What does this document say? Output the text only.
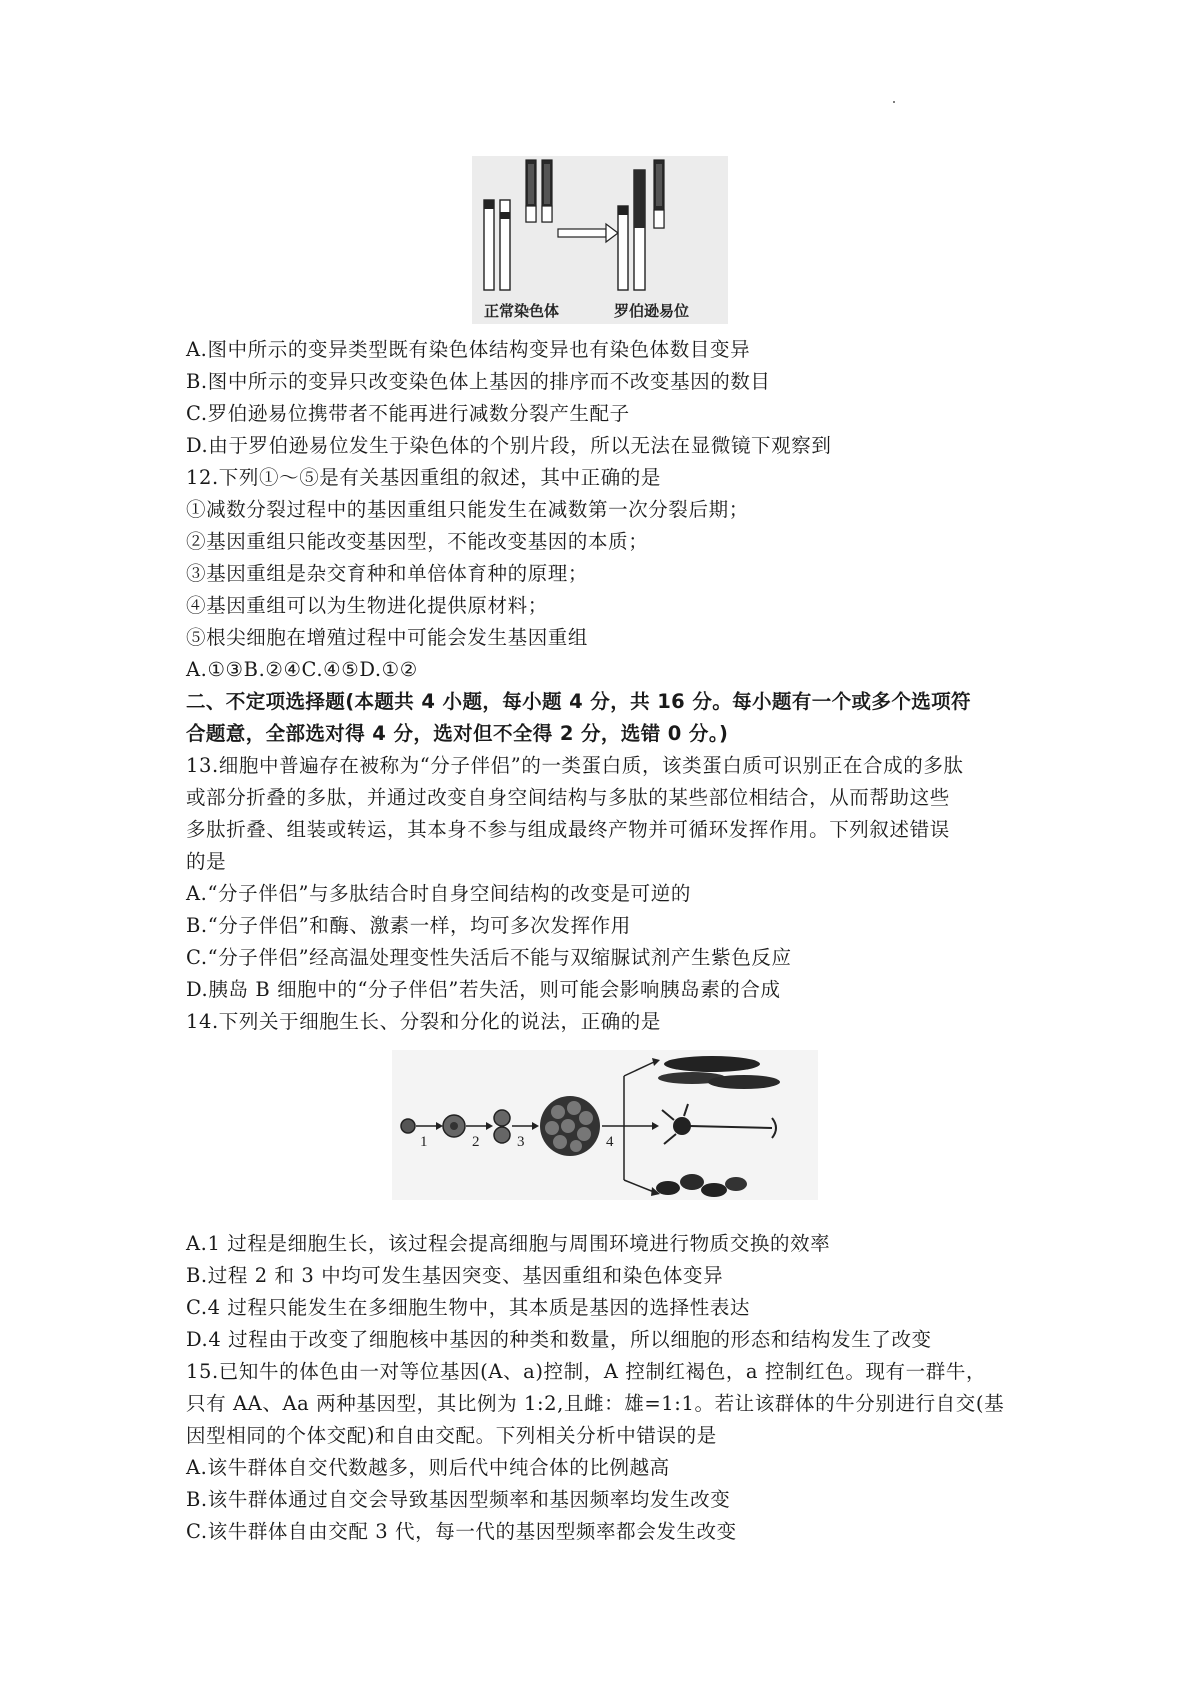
正常染色体	罗伯逊易位
1	2	3	4
A.图中所示的变异类型既有染色体结构变异也有染色体数目变异
B.图中所示的变异只改变染色体上基因的排序而不改变基因的数目
C.罗伯逊易位携带者不能再进行减数分裂产生配子
D.由于罗伯逊易位发生于染色体的个别片段，所以无法在显微镜下观察到
12.下列①～⑤是有关基因重组的叙述，其中正确的是
①减数分裂过程中的基因重组只能发生在减数第一次分裂后期；
②基因重组只能改变基因型，不能改变基因的本质；
③基因重组是杂交育种和单倍体育种的原理；
④基因重组可以为生物进化提供原材料；
⑤根尖细胞在增殖过程中可能会发生基因重组
A.①③B.②④C.④⑤D.①②
二、不定项选择题(本题共 4 小题，每小题 4 分，共 16 分。每小题有一个或多个选项符
合题意，全部选对得 4 分，选对但不全得 2 分，选错 0 分。)
13.细胞中普遍存在被称为“分子伴侣”的一类蛋白质，该类蛋白质可识别正在合成的多肽
或部分折叠的多肽，并通过改变自身空间结构与多肽的某些部位相结合，从而帮助这些
多肽折叠、组装或转运，其本身不参与组成最终产物并可循环发挥作用。下列叙述错误
的是
A.“分子伴侣”与多肽结合时自身空间结构的改变是可逆的
B.“分子伴侣”和酶、激素一样，均可多次发挥作用
C.“分子伴侣”经高温处理变性失活后不能与双缩脲试剂产生紫色反应
D.胰岛 B 细胞中的“分子伴侣”若失活，则可能会影响胰岛素的合成
14.下列关于细胞生长、分裂和分化的说法，正确的是
A.1 过程是细胞生长，该过程会提高细胞与周围环境进行物质交换的效率
B.过程 2 和 3 中均可发生基因突变、基因重组和染色体变异
C.4 过程只能发生在多细胞生物中，其本质是基因的选择性表达
D.4 过程由于改变了细胞核中基因的种类和数量，所以细胞的形态和结构发生了改变
15.已知牛的体色由一对等位基因(A、a)控制，A 控制红褐色，a 控制红色。现有一群牛，
只有 AA、Aa 两种基因型，其比例为 1:2,且雌：雄=1:1。若让该群体的牛分别进行自交(基
因型相同的个体交配)和自由交配。下列相关分析中错误的是
A.该牛群体自交代数越多，则后代中纯合体的比例越高
B.该牛群体通过自交会导致基因型频率和基因频率均发生改变
C.该牛群体自由交配 3 代，每一代的基因型频率都会发生改变
